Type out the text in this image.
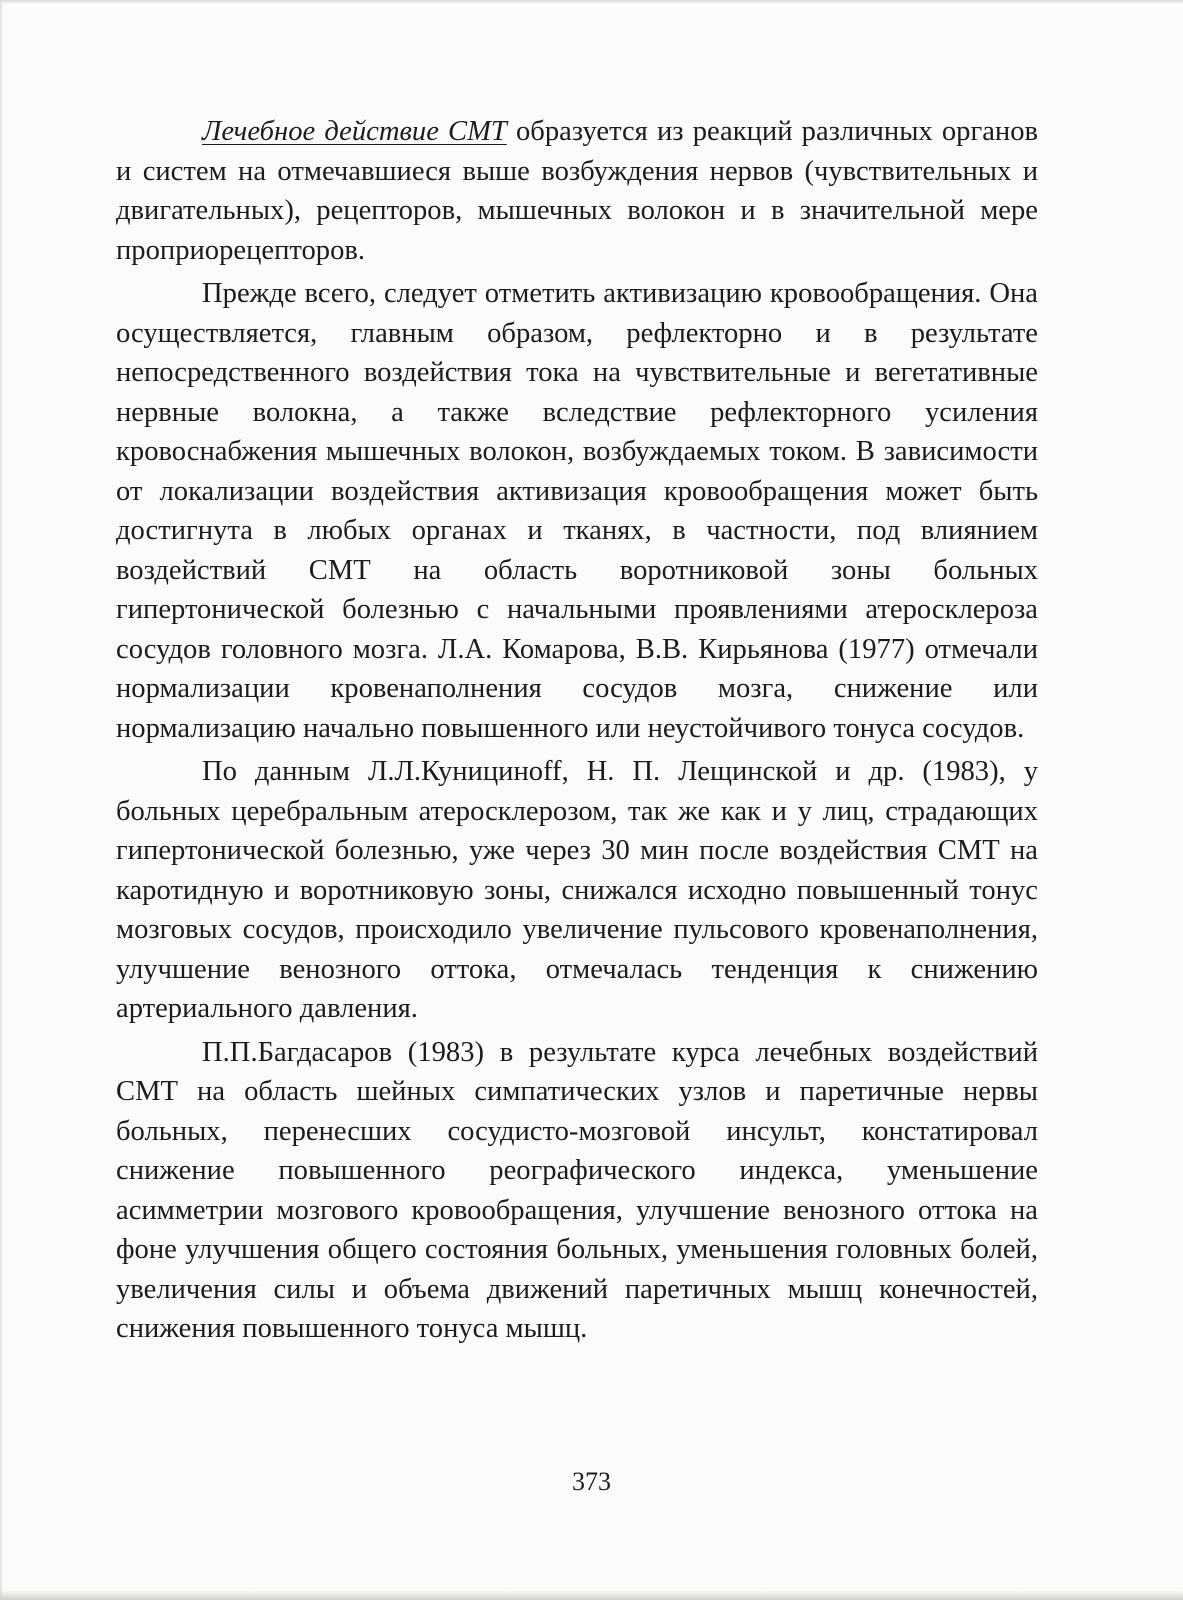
Лечебное действие СМТ образуется из реакций различных органов и систем на отмечавшиеся выше возбуждения нервов (чувствительных и двигательных), рецепторов, мышечных волокон и в значительной мере проприорецепторов.

Прежде всего, следует отметить активизацию кровообращения. Она осуществляется, главным образом, рефлекторно и в результате непосредственного воздействия тока на чувствительные и вегетативные нервные волокна, а также вследствие рефлекторного усиления кровоснабжения мышечных волокон, возбуждаемых током. В зависимости от локализации воздействия активизация кровообращения может быть достигнута в любых органах и тканях, в частности, под влиянием воздействий СМТ на область воротниковой зоны больных гипертонической болезнью с начальными проявлениями атеросклероза сосудов головного мозга. Л.А. Комарова, В.В. Кирьянова (1977) отмечали нормализации кровенаполнения сосудов мозга, снижение или нормализацию начально повышенного или неустойчивого тонуса сосудов.

По данным Л.Л.Куницинoff, Н. П. Лещинской и др. (1983), у больных церебральным атеросклерозом, так же как и у лиц, страдающих гипертонической болезнью, уже через 30 мин после воздействия СМТ на каротидную и воротниковую зоны, снижался исходно повышенный тонус мозговых сосудов, происходило увеличение пульсового кровенаполнения, улучшение венозного оттока, отмечалась тенденция к снижению артериального давления.

П.П.Багдасаров (1983) в результате курса лечебных воздействий СМТ на область шейных симпатических узлов и паретичные нервы больных, перенесших сосудисто-мозговой инсульт, констатировал снижение повышенного реографического индекса, уменьшение асимметрии мозгового кровообращения, улучшение венозного оттока на фоне улучшения общего состояния больных, уменьшения головных болей, увеличения силы и объема движений паретичных мышц конечностей, снижения повышенного тонуса мышц.

373
